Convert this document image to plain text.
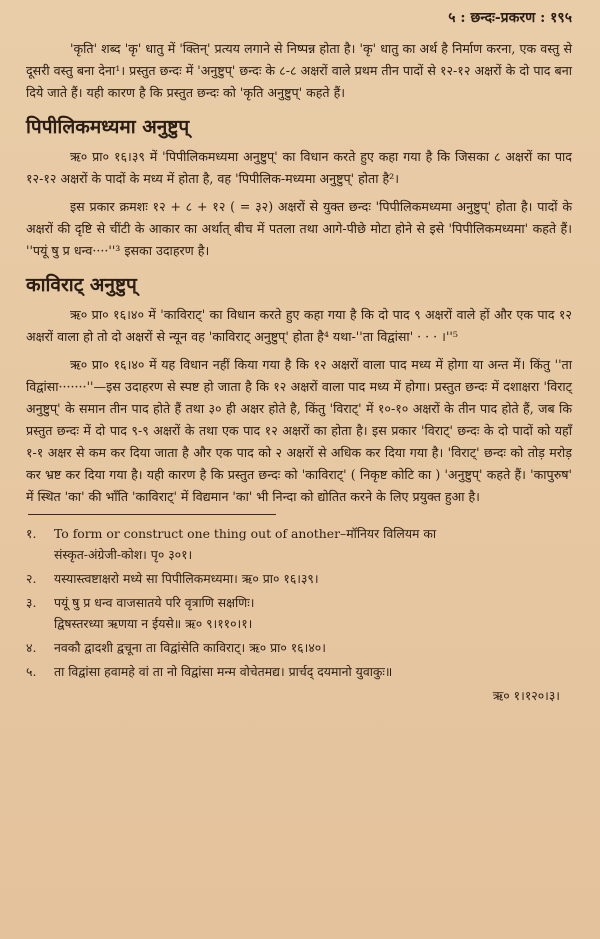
५ : छन्दः-प्रकरण : १९५

'कृति' शब्द 'कृ' धातु में 'क्तिन्' प्रत्यय लगाने से निष्पन्न होता है। 'कृ' धातु का अर्थ है निर्माण करना, एक वस्तु से दूसरी वस्तु बना देना¹। प्रस्तुत छन्दः में 'अनुष्टुप्' छन्दः के ८-८ अक्षरों वाले प्रथम तीन पादों से १२-१२ अक्षरों के दो पाद बना दिये जाते हैं। यही कारण है कि प्रस्तुत छन्दः को 'कृति अनुष्टुप्' कहते हैं।

पिपीलिकमध्यमा अनुष्टुप्

ऋ० प्रा० १६।३९ में 'पिपीलिकमध्यमा अनुष्टुप्' का विधान करते हुए कहा गया है कि जिसका ८ अक्षरों का पाद १२-१२ अक्षरों के पादों के मध्य में होता है, वह 'पिपीलिक-मध्यमा अनुष्टुप्' होता है²।

इस प्रकार क्रमशः १२ + ८ + १२ ( = ३२) अक्षरों से युक्त छन्दः 'पिपीलिकमध्यमा अनुष्टुप्' होता है। पादों के अक्षरों की दृष्टि से चींटी के आकार का अर्थात् बीच में पतला तथा आगे-पीछे मोटा होने से इसे 'पिपीलिकमध्यमा' कहते हैं। ''पयूं षु प्र धन्व····''³ इसका उदाहरण है।

काविराट् अनुष्टुप्

ऋ० प्रा० १६।४० में 'काविराट्' का विधान करते हुए कहा गया है कि दो पाद ९ अक्षरों वाले हों और एक पाद १२ अक्षरों वाला हो तो दो अक्षरों से न्यून वह 'काविराट् अनुष्टुप्' होता है⁴ यथा-''ता विद्वांसा' · · · ।''⁵

ऋ० प्रा० १६।४० में यह विधान नहीं किया गया है कि १२ अक्षरों वाला पाद मध्य में होगा या अन्त में। किंतु ''ता विद्वांसा·······''—इस उदाहरण से स्पष्ट हो जाता है कि १२ अक्षरों वाला पाद मध्य में होगा। प्रस्तुत छन्दः में दशाक्षरा 'विराट् अनुष्टुप्' के समान तीन पाद होते हैं तथा ३० ही अक्षर होते है, किंतु 'विराट्' में १०-१० अक्षरों के तीन पाद होते हैं, जब कि प्रस्तुत छन्दः में दो पाद ९-९ अक्षरों के तथा एक पाद १२ अक्षरों का होता है। इस प्रकार 'विराट्' छन्दः के दो पादों को यहाँ १-१ अक्षर से कम कर दिया जाता है और एक पाद को २ अक्षरों से अधिक कर दिया गया है। 'विराट्' छन्दः को तोड़ मरोड़ कर भ्रष्ट कर दिया गया है। यही कारण है कि प्रस्तुत छन्दः को 'काविराट्' ( निकृष्ट कोटि का ) 'अनुष्टुप्' कहते हैं। 'कापुरुष' में स्थित 'का' की भाँति 'काविराट्' में विद्यमान 'का' भी निन्दा को द्योतित करने के लिए प्रयुक्त हुआ है।

१.	To form or construct one thing out of another–मॉनियर विलियम का
संस्कृत-अंग्रेजी-कोश। पृ० ३०१।
२.	यस्यास्त्वष्टाक्षरो मध्ये सा पिपीलिकमध्यमा। ऋ० प्रा० १६।३९।
३.	पयूं षु प्र धन्व वाजसातये परि वृत्राणि सक्षणिः।
द्विषस्तरध्या ऋणया न ईयसे॥ ऋ० ९।११०।१।
४.	नवकौ द्वादशी द्वचूना ता विद्वांसेति काविराट्। ऋ० प्रा० १६।४०।
५.	ता विद्वांसा हवामहे वां ता नो विद्वांसा मन्म वोचेतमद्य। प्रार्चद् दयमानो युवाकुः॥
ऋ० १।१२०।३।
